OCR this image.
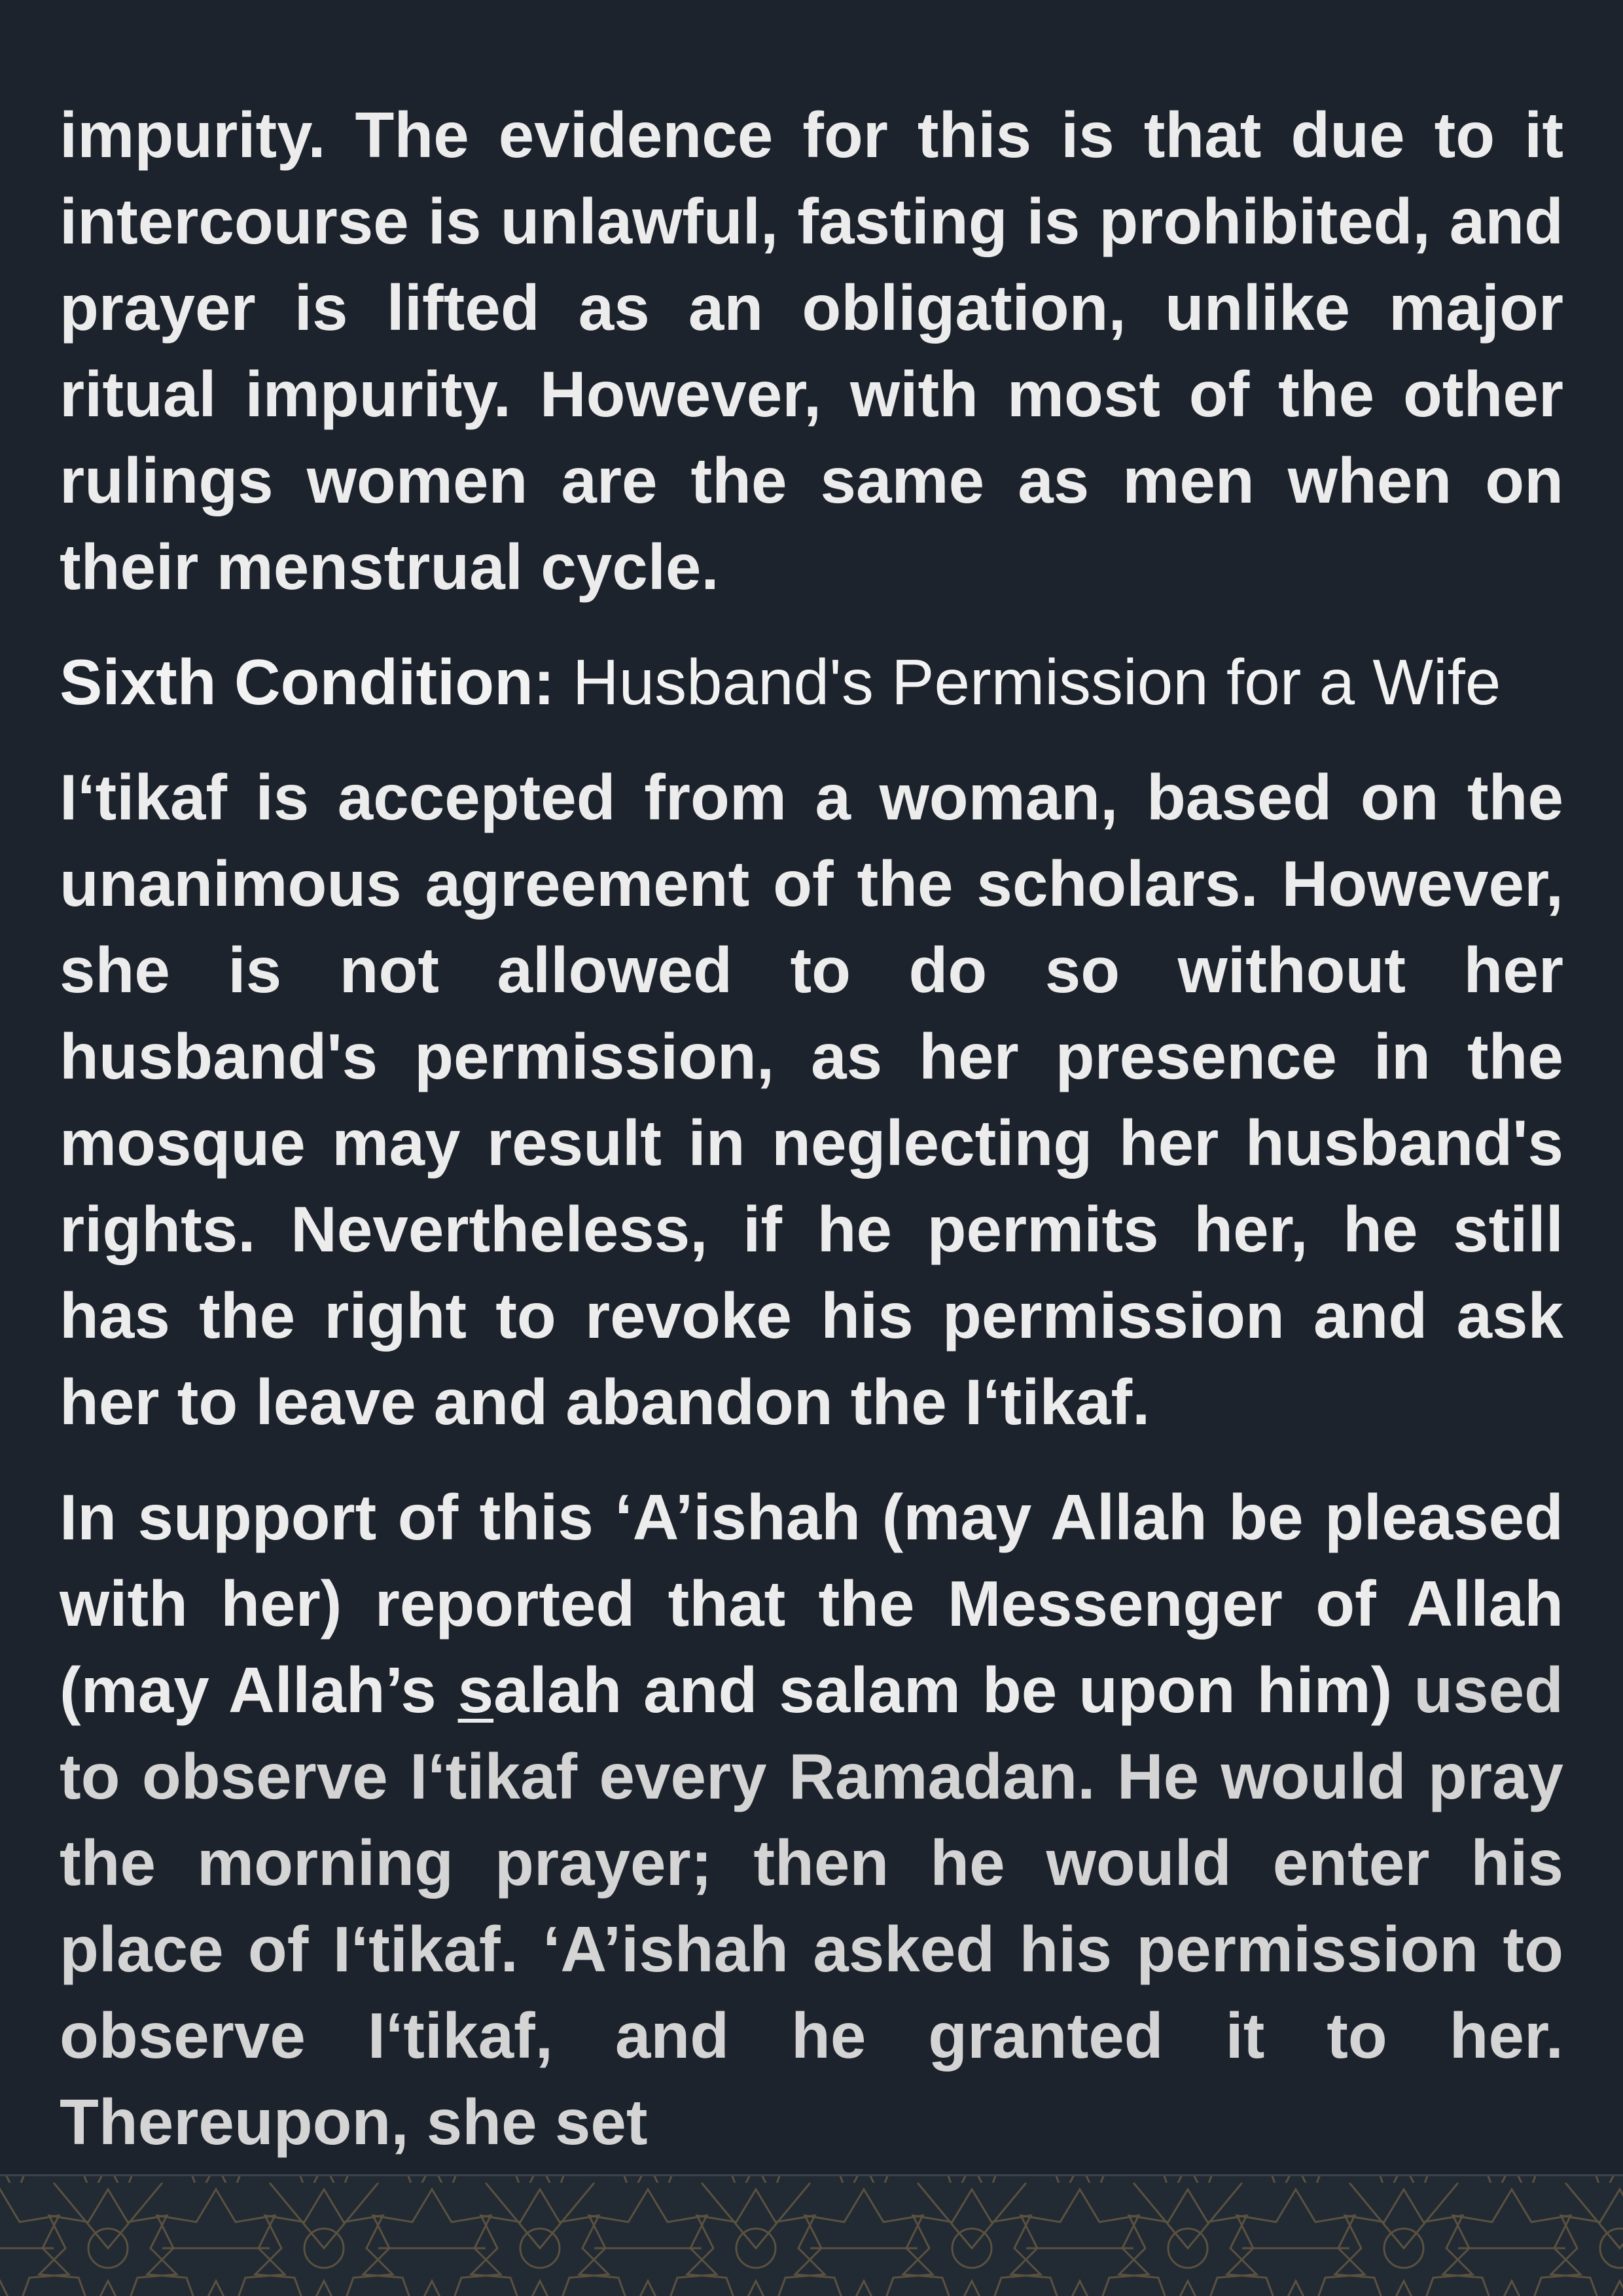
impurity. The evidence for this is that due to it intercourse is unlawful, fasting is prohibited, and prayer is lifted as an obligation, unlike major ritual impurity. However, with most of the other rulings women are the same as men when on their menstrual cycle.

Sixth Condition: Husband's Permission for a Wife

I‘tikaf is accepted from a woman, based on the unanimous agreement of the scholars. However, she is not allowed to do so without her husband's permission, as her presence in the mosque may result in neglecting her husband's rights. Nevertheless, if he permits her, he still has the right to revoke his permission and ask her to leave and abandon the I‘tikaf.

In support of this ‘A’ishah (may Allah be pleased with her) reported that the Messenger of Allah (may Allah’s salah and salam be upon him) used to observe I‘tikaf every Ramadan. He would pray the morning prayer; then he would enter his place of I‘tikaf. ‘A’ishah asked his permission to observe I‘tikaf, and he granted it to her. Thereupon, she set
